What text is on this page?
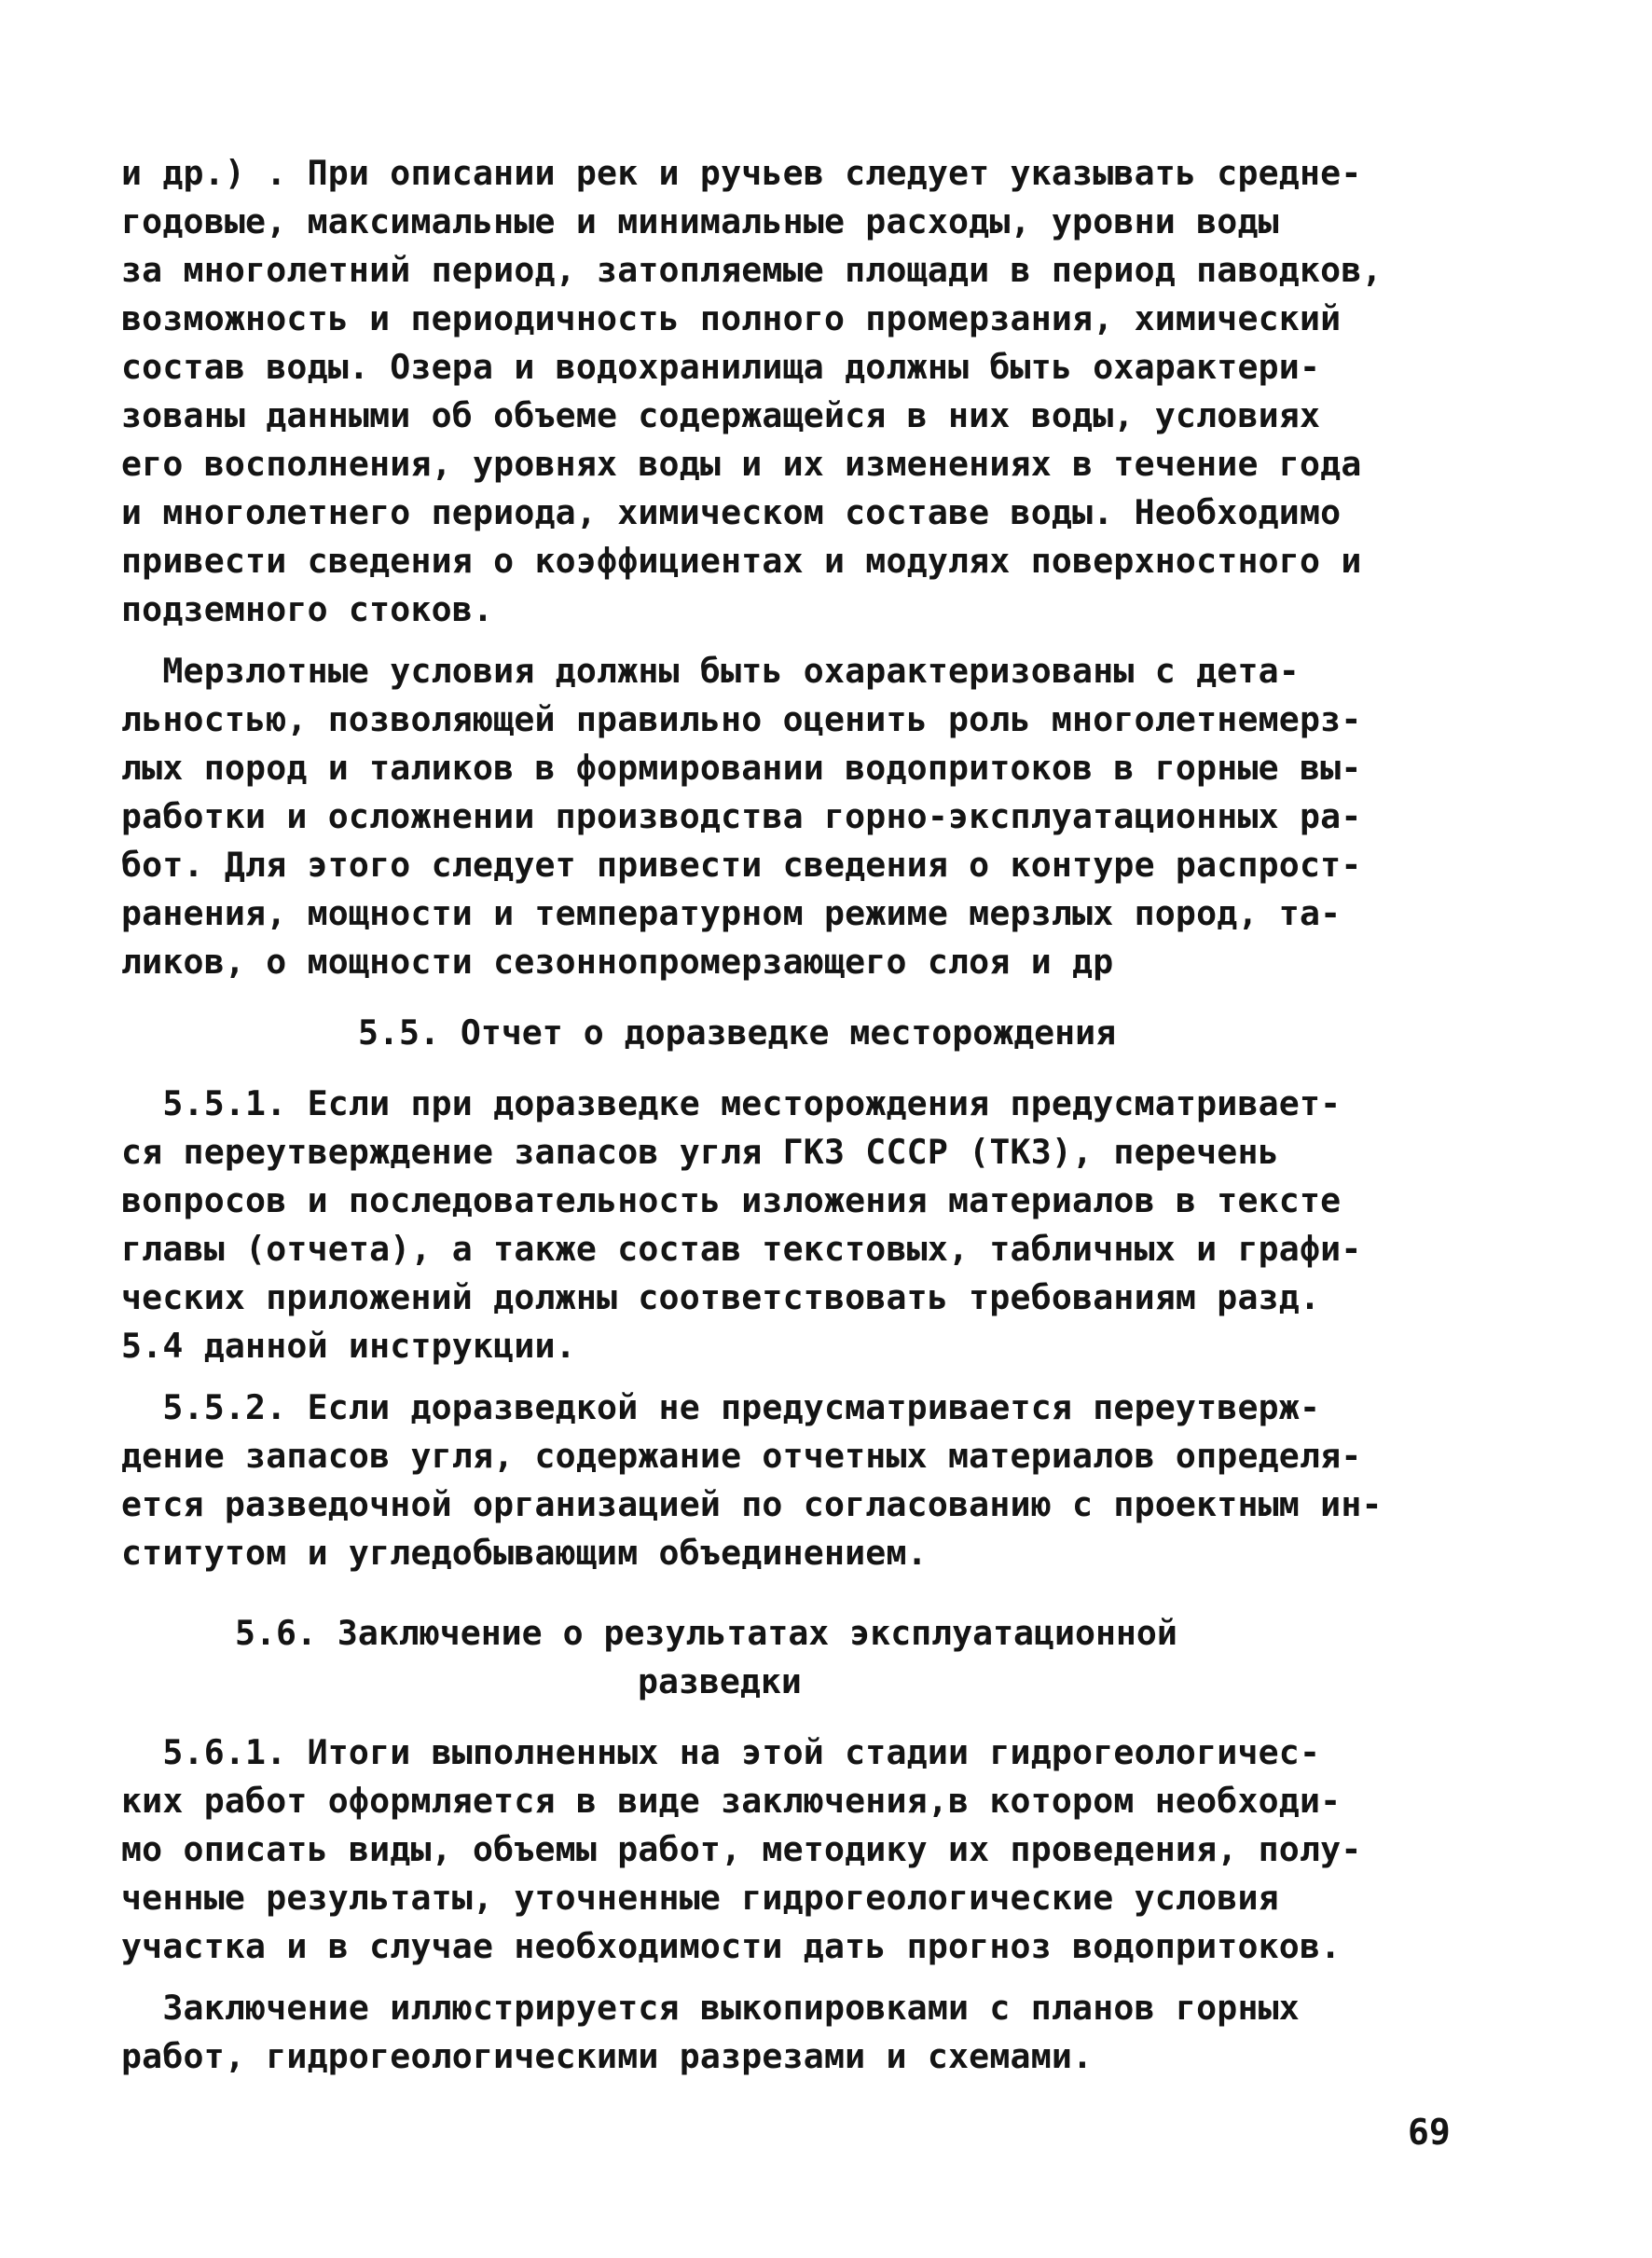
и др.) . При описании рек и ручьев следует указывать средне-
годовые, максимальные и минимальные расходы, уровни воды
за многолетний период, затопляемые площади в период паводков,
возможность и периодичность полного промерзания, химический
состав воды. Озера и водохранилища должны быть охарактери-
зованы данными об объеме содержащейся в них воды, условиях
его восполнения, уровнях воды и их изменениях в течение года
и многолетнего периода, химическом составе воды. Необходимо
привести сведения о коэффициентах и модулях поверхностного и
подземного стоков.
Мерзлотные условия должны быть охарактеризованы с дета-
льностью, позволяющей правильно оценить роль многолетнемерз-
лых пород и таликов в формировании водопритоков в горные вы-
работки и осложнении производства горно-эксплуатационных ра-
бот. Для этого следует привести сведения о контуре распрост-
ранения, мощности и температурном режиме мерзлых пород, та-
ликов, о мощности сезоннопромерзающего слоя и др
5.5. Отчет о доразведке месторождения
5.5.1. Если при доразведке месторождения предусматривает-
ся переутверждение запасов угля ГКЗ СССР (ТКЗ), перечень
вопросов и последовательность изложения материалов в тексте
главы (отчета), а также состав текстовых, табличных и графи-
ческих приложений должны соответствовать требованиям разд.
5.4 данной инструкции.
5.5.2. Если доразведкой не предусматривается переутверж-
дение запасов угля, содержание отчетных материалов определя-
ется разведочной организацией по согласованию с проектным ин-
ститутом и угледобывающим объединением.
5.6. Заключение о результатах эксплуатационной
разведки
5.6.1. Итоги выполненных на этой стадии гидрогеологичес-
ких работ оформляется в виде заключения,в котором необходи-
мо описать виды, объемы работ, методику их проведения, полу-
ченные результаты, уточненные гидрогеологические условия
участка и в случае необходимости дать прогноз водопритоков.
Заключение иллюстрируется выкопировками с планов горных
работ, гидрогеологическими разрезами и схемами.
69
